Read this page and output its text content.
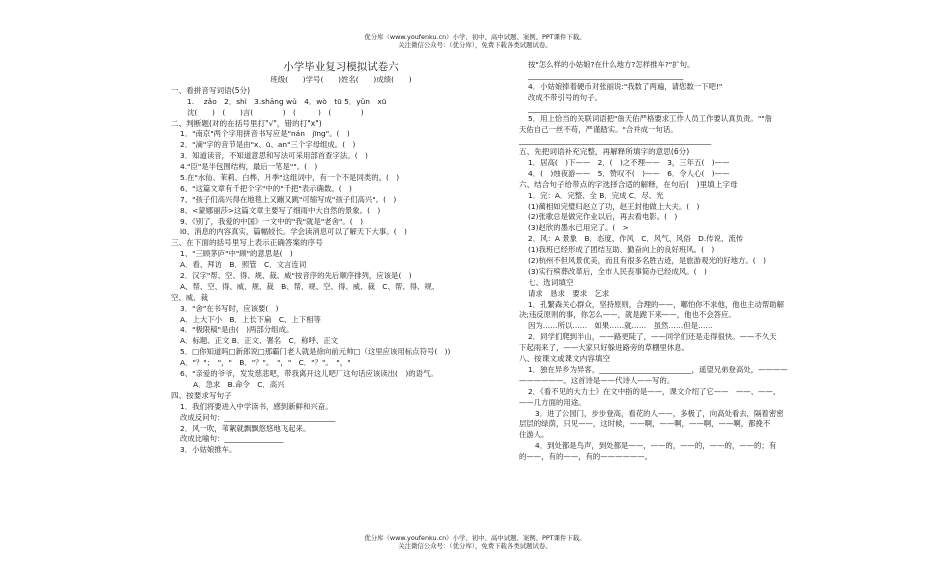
优分库（www.youfenku.cn）小学、初中、高中试题、案例、PPT课件下载。
关注微信公众号：（优分库），免费下载各类试题试卷。
小学毕业复习模拟试卷六
班级(　　)学号(　　)姓名(　　)成绩(　　)
一、看拼音写词语(5分)
1.　 zǎo　2．shì　3.shāng wǔ　4．wò　tū 5．yǔn　xū
沈(　　)　(　　)言(　　　　)　(　　　)　(　　　　)
二、判断题(对的在括号里打"√"，错的打"x")
1．"南京"两个字用拼音书写应是"nán　jīng"。(　)
2．"滴"字的音节是由"x、ū、an"三个字母组成。(　)
3．知道读音，不知道意思和写法可采用部首查字法。(　)
4."臣"是半包围结构，最后一笔是""。(　)
5.在"水仙、茉莉、白桦、月季"这组词中，有一个不是同类的。(　)
6、"这篇文章有千把个字"中的"千把"表示确数。(　)
7、"孩子们高兴得在地毯上又蹦又跳"可缩写成"孩子们高兴"。(　)
8、<蒙娜丽莎>这篇文章主要写了细雨中大自然的景象。(　)
9、《别了，我爱的中国》一文中的"我"就是"老舍"。(　)
l0、消息的内容真实，篇幅较长。学会读消息可以了解天下大事。(　)
三、在下面的括号里写上表示正确答案的序号
1、"三顾茅庐"中"顾"的意思是(　)
A．看、拜访　B．照管　C．文言连词
2．汉字"帮、空、得、规、裁、威"按音序的先后顺序排列，应该是(　)
A、帮、空、得、威、规、裁　B、帮、规、空、得、威、裁　C、帮、得、规、
空、威、裁
3．"舍"在书写时，应该要(　)
A．上大下小　B．上长下扁　C、上下相等
4．"极限稿"是由(　)两部分组成。
A．标题、正文 B．正文、署名　C．称呼、正文
5．□你知道吗□新郎说□那霸门老人就是徐向前元帅□（这里应该用标点符号(　))
A．"？"；　"，"　B．"？"。　"，"　C．"？"。　"，"
6、"亲爱的爷爷，发发慈悲吧，带我离开这儿吧厂这句话应该读出(　)的语气。
A．急求　B.命令　C．高兴
四、按要求写句子
1．我们将要进入中学读书，感到新鲜和兴奋。
改成反问句：______________________________
2．风一吹，苇絮就飘飘悠悠地飞起来。
改成比喻句：________________
3．小姑娘推车。
按"怎么样的小姑娘?在什么地方?怎样推车?"扩句。
__________________________________________
4．小姑娘捧着硬币对张丽说:"我数了两遍，请您数一下吧!"
改成不带引号的句子。
__________________________________________
5．用上恰当的关联词语把"詹天佑严格要求工作人员工作要认真负责。""詹
天佑自己一丝不苟，严谨踏实。"合并成一句话。
____________________________________________________
五、先把词语补充完整，再解释所填字的意思(6分)
1．居高(　)下——　2．(　)之不理——　3，三年五(　)——
4．(　)烛夜游——　5．赞叹不(　)——　6．令人心(　)——
六、结合句子给带点的字选择合适的解释，在句后(　)里填上字母
1．完：A．完整、全 B．完成 C．尽、光
(1)蔺相如完璧归赵立了功，赵王封他做上大夫。(　)
(2)张歌总是做完作业以后，再去看电影。(　)
(3)赵欣的墨水已用完了。(　>
2．风：A 景象　B．态度、作风　C．风气、风俗　D.传说、流传
(1)我班已经形成了团结互助、勤奋向上的良好班风。(　)
(2)杭州不但风景优美，而且有很多名胜古迹，是旅游观光的好地方。(　)
(3)实行殡葬改革后，全市人民丧事简办已经成风。(　)
七、选词填空
请求　恳求　要求　乞求
1．孔繁森关心群众，坚持原则，合理的——，嘟怕你不求他，他也主动帮助解
决;违反原则的事，你怎么——，就是跪下来——，他也不会答应。
因为……所以……　如果……就……　虽然……但是……
2．同学们爬到半山，——路更陡了，——同学们还是走得很快。——不久天
下起雨来了，——大家只好躲进路旁的草棚里休息。
八、按课文或课文内容填空
1．独在异乡为异客，_________________________，遥望兄弟登高处，————
——————。这首诗是——代诗人——写的。
2．《看不见的大力士》在文中指的是——，课文介绍了它——　——、——、
——几方面的用途。
3．进了公园门，步步登高，看花的人——，多极了，向高处看去，隔着密密
层层的绿荫，只见——，这时候，——啊，——啊，——啊，——啊，都挽不
住游人。
4．到处都是鸟声，到处都是——，——的，——的，——的，——的；有
的——，有的——，有的——————。
优分库（www.youfenku.cn）小学、初中、高中试题、案例、PPT课件下载。
关注微信公众号：（优分库），免费下载各类试题试卷。
